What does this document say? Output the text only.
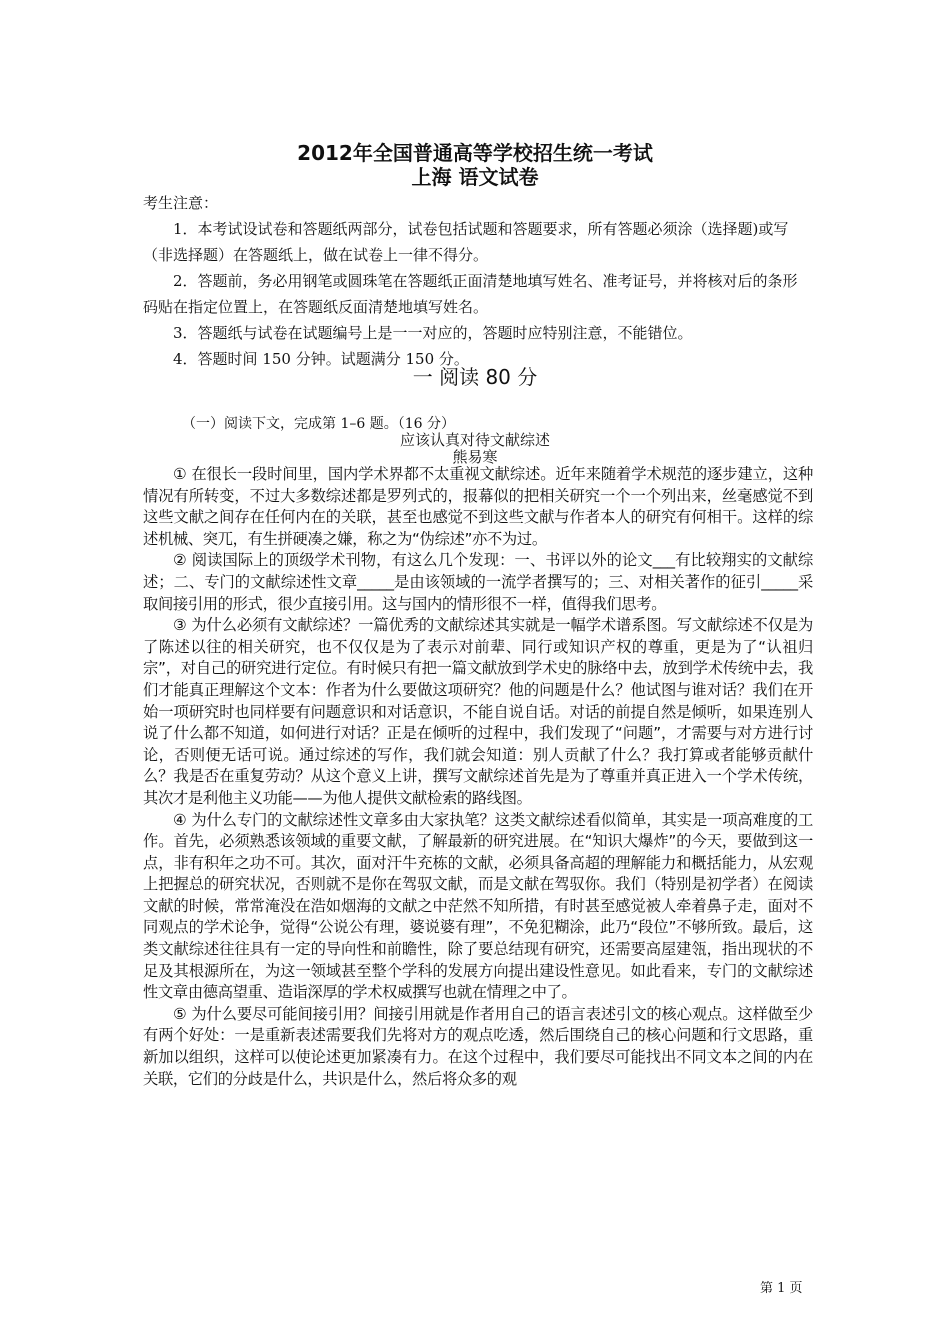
2012年全国普通高等学校招生统一考试
上海 语文试卷

考生注意：

1．本考试设试卷和答题纸两部分，试卷包括试题和答题要求，所有答题必须涂（选择题)或写（非选择题）在答题纸上，做在试卷上一律不得分。

2．答题前，务必用钢笔或圆珠笔在答题纸正面清楚地填写姓名、准考证号，并将核对后的条形码贴在指定位置上，在答题纸反面清楚地填写姓名。

3．答题纸与试卷在试题编号上是一一对应的，答题时应特别注意，不能错位。

4．答题时间 150 分钟。试题满分 150 分。

一 阅读 80 分
（一）阅读下文，完成第 1–6 题。（16 分）
应该认真对待文献综述
熊易寒

① 在很长一段时间里，国内学术界都不太重视文献综述。近年来随着学术规范的逐步建立，这种情况有所转变，不过大多数综述都是罗列式的，报幕似的把相关研究一个一个列出来，丝毫感觉不到这些文献之间存在任何内在的关联，甚至也感觉不到这些文献与作者本人的研究有何相干。这样的综述机械、突兀，有生拼硬凑之嫌，称之为“伪综述”亦不为过。

② 阅读国际上的顶级学术刊物，有这么几个发现：一、书评以外的论文___有比较翔实的文献综述；二、专门的文献综述性文章_____是由该领域的一流学者撰写的；三、对相关著作的征引_____采取间接引用的形式，很少直接引用。这与国内的情形很不一样，值得我们思考。

③ 为什么必须有文献综述？一篇优秀的文献综述其实就是一幅学术谱系图。写文献综述不仅是为了陈述以往的相关研究，也不仅仅是为了表示对前辈、同行或知识产权的尊重，更是为了“认祖归宗”，对自己的研究进行定位。有时候只有把一篇文献放到学术史的脉络中去，放到学术传统中去，我们才能真正理解这个文本：作者为什么要做这项研究？他的问题是什么？他试图与谁对话？我们在开始一项研究时也同样要有问题意识和对话意识，不能自说自话。对话的前提自然是倾听，如果连别人说了什么都不知道，如何进行对话？正是在倾听的过程中，我们发现了“问题”，才需要与对方进行讨论，否则便无话可说。通过综述的写作，我们就会知道：别人贡献了什么？我打算或者能够贡献什么？我是否在重复劳动？从这个意义上讲，撰写文献综述首先是为了尊重并真正进入一个学术传统，其次才是利他主义功能——为他人提供文献检索的路线图。

④ 为什么专门的文献综述性文章多由大家执笔？这类文献综述看似简单，其实是一项高难度的工作。首先，必须熟悉该领域的重要文献，了解最新的研究进展。在“知识大爆炸”的今天，要做到这一点，非有积年之功不可。其次，面对汗牛充栋的文献，必须具备高超的理解能力和概括能力，从宏观上把握总的研究状况，否则就不是你在驾驭文献，而是文献在驾驭你。我们（特别是初学者）在阅读文献的时候，常常淹没在浩如烟海的文献之中茫然不知所措，有时甚至感觉被人牵着鼻子走，面对不同观点的学术论争，觉得“公说公有理，婆说婆有理”，不免犯糊涂，此乃“段位”不够所致。最后，这类文献综述往往具有一定的导向性和前瞻性，除了要总结现有研究，还需要高屋建瓴，指出现状的不足及其根源所在，为这一领域甚至整个学科的发展方向提出建设性意见。如此看来，专门的文献综述性文章由德高望重、造诣深厚的学术权威撰写也就在情理之中了。

⑤ 为什么要尽可能间接引用？间接引用就是作者用自己的语言表述引文的核心观点。这样做至少有两个好处：一是重新表述需要我们先将对方的观点吃透，然后围绕自己的核心问题和行文思路，重新加以组织，这样可以使论述更加紧凑有力。在这个过程中，我们要尽可能找出不同文本之间的内在关联，它们的分歧是什么，共识是什么，然后将众多的观

第 1 页
